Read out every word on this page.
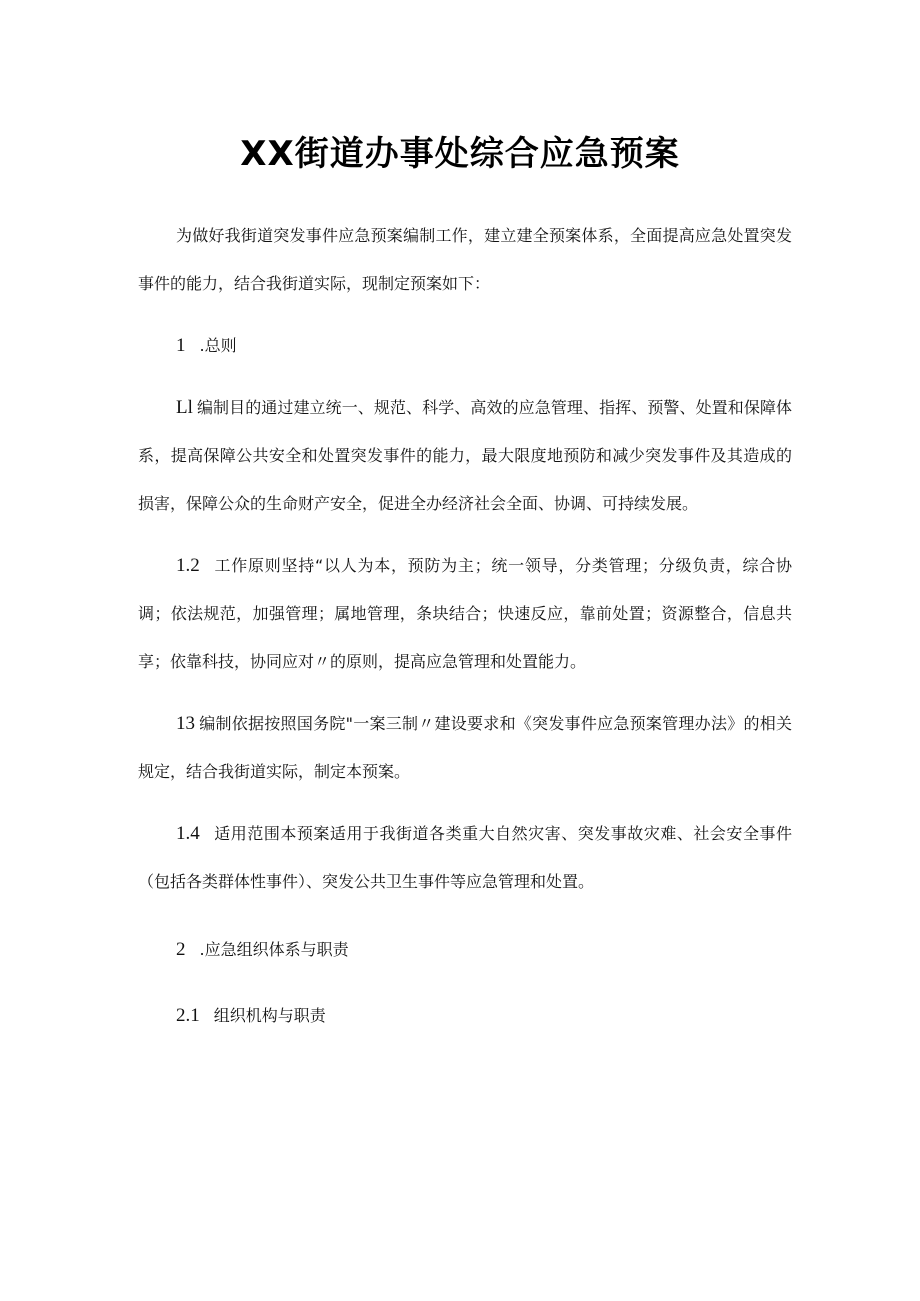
XX街道办事处综合应急预案

为做好我街道突发事件应急预案编制工作，建立建全预案体系，全面提高应急处置突发事件的能力，结合我街道实际，现制定预案如下：

1 .总则

Ll 编制目的通过建立统一、规范、科学、高效的应急管理、指挥、预警、处置和保障体系，提高保障公共安全和处置突发事件的能力，最大限度地预防和减少突发事件及其造成的损害，保障公众的生命财产安全，促进全办经济社会全面、协调、可持续发展。

1.2 工作原则坚持“以人为本，预防为主；统一领导，分类管理；分级负责，综合协调；依法规范，加强管理；属地管理，条块结合；快速反应，靠前处置；资源整合，信息共享；依靠科技，协同应对〃的原则，提高应急管理和处置能力。

13 编制依据按照国务院"一案三制〃建设要求和《突发事件应急预案管理办法》的相关规定，结合我街道实际，制定本预案。

1.4 适用范围本预案适用于我街道各类重大自然灾害、突发事故灾难、社会安全事件（包括各类群体性事件）、突发公共卫生事件等应急管理和处置。

2 .应急组织体系与职责

2.1 组织机构与职责
